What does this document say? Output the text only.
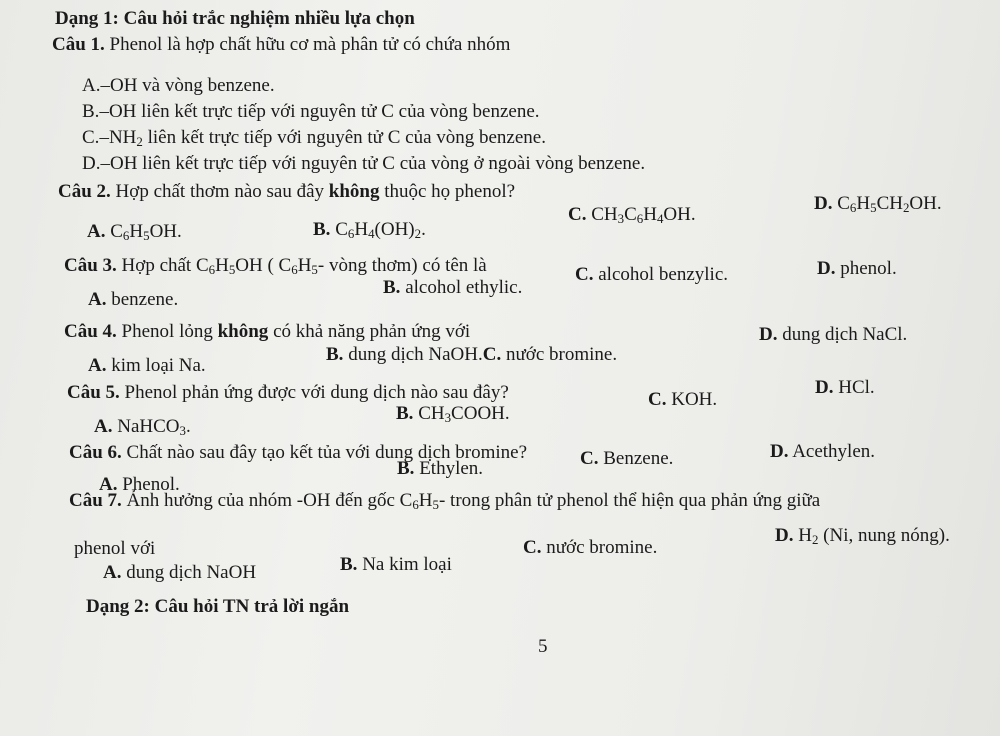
Dạng 1: Câu hỏi trắc nghiệm nhiều lựa chọn
Câu 1. Phenol là hợp chất hữu cơ mà phân tử có chứa nhóm
A.–OH và vòng benzene.
B.–OH liên kết trực tiếp với nguyên tử C của vòng benzene.
$C.-NH_2$ liên kết trực tiếp với nguyên tử C của vòng benzene.
D.–OH liên kết trực tiếp với nguyên tử C của vòng ở ngoài vòng benzene.
Câu 2. Hợp chất thơm nào sau đây không thuộc họ phenol?
A. $C_6H_5OH$.	B. $C_6H_4(OH)_2$.
C. $CH_3C_6H_4OH$.
D. $C_6H_5CH_2OH$.
Câu 3. Hợp chất $C_6H_5OH$ ( $C_6H_5-$ vòng thơm) có tên là
A. benzene.
B. alcohol ethylic.
C. alcohol benzylic.	D. phenol.
Câu 4. Phenol lỏng không có khả năng phản ứng với
A. kim loại Na.
B. dung dịch NaOH.C. nước bromine.
D. dung dịch NaCl.
Câu 5. Phenol phản ứng được với dung dịch nào sau đây?
A. NaHCO$_3$.
B. $CH_3COOH$.
C. KOH.
D. HCl.
Câu 6. Chất nào sau đây tạo kết tủa với dung dịch bromine?
A. Phenol.
B. Ethylen.	C. Benzene.	D. Acethylen.
Câu 7. Ảnh hưởng của nhóm -OH đến gốc $C_6H_5-$ trong phân tử phenol thể hiện qua phản ứng giữa
phenol với
A. dung dịch NaOH	B. Na kim loại
C. nước bromine.
D. $H_2$ (Ni, nung nóng).
Dạng 2: Câu hỏi TN trả lời ngắn
5
